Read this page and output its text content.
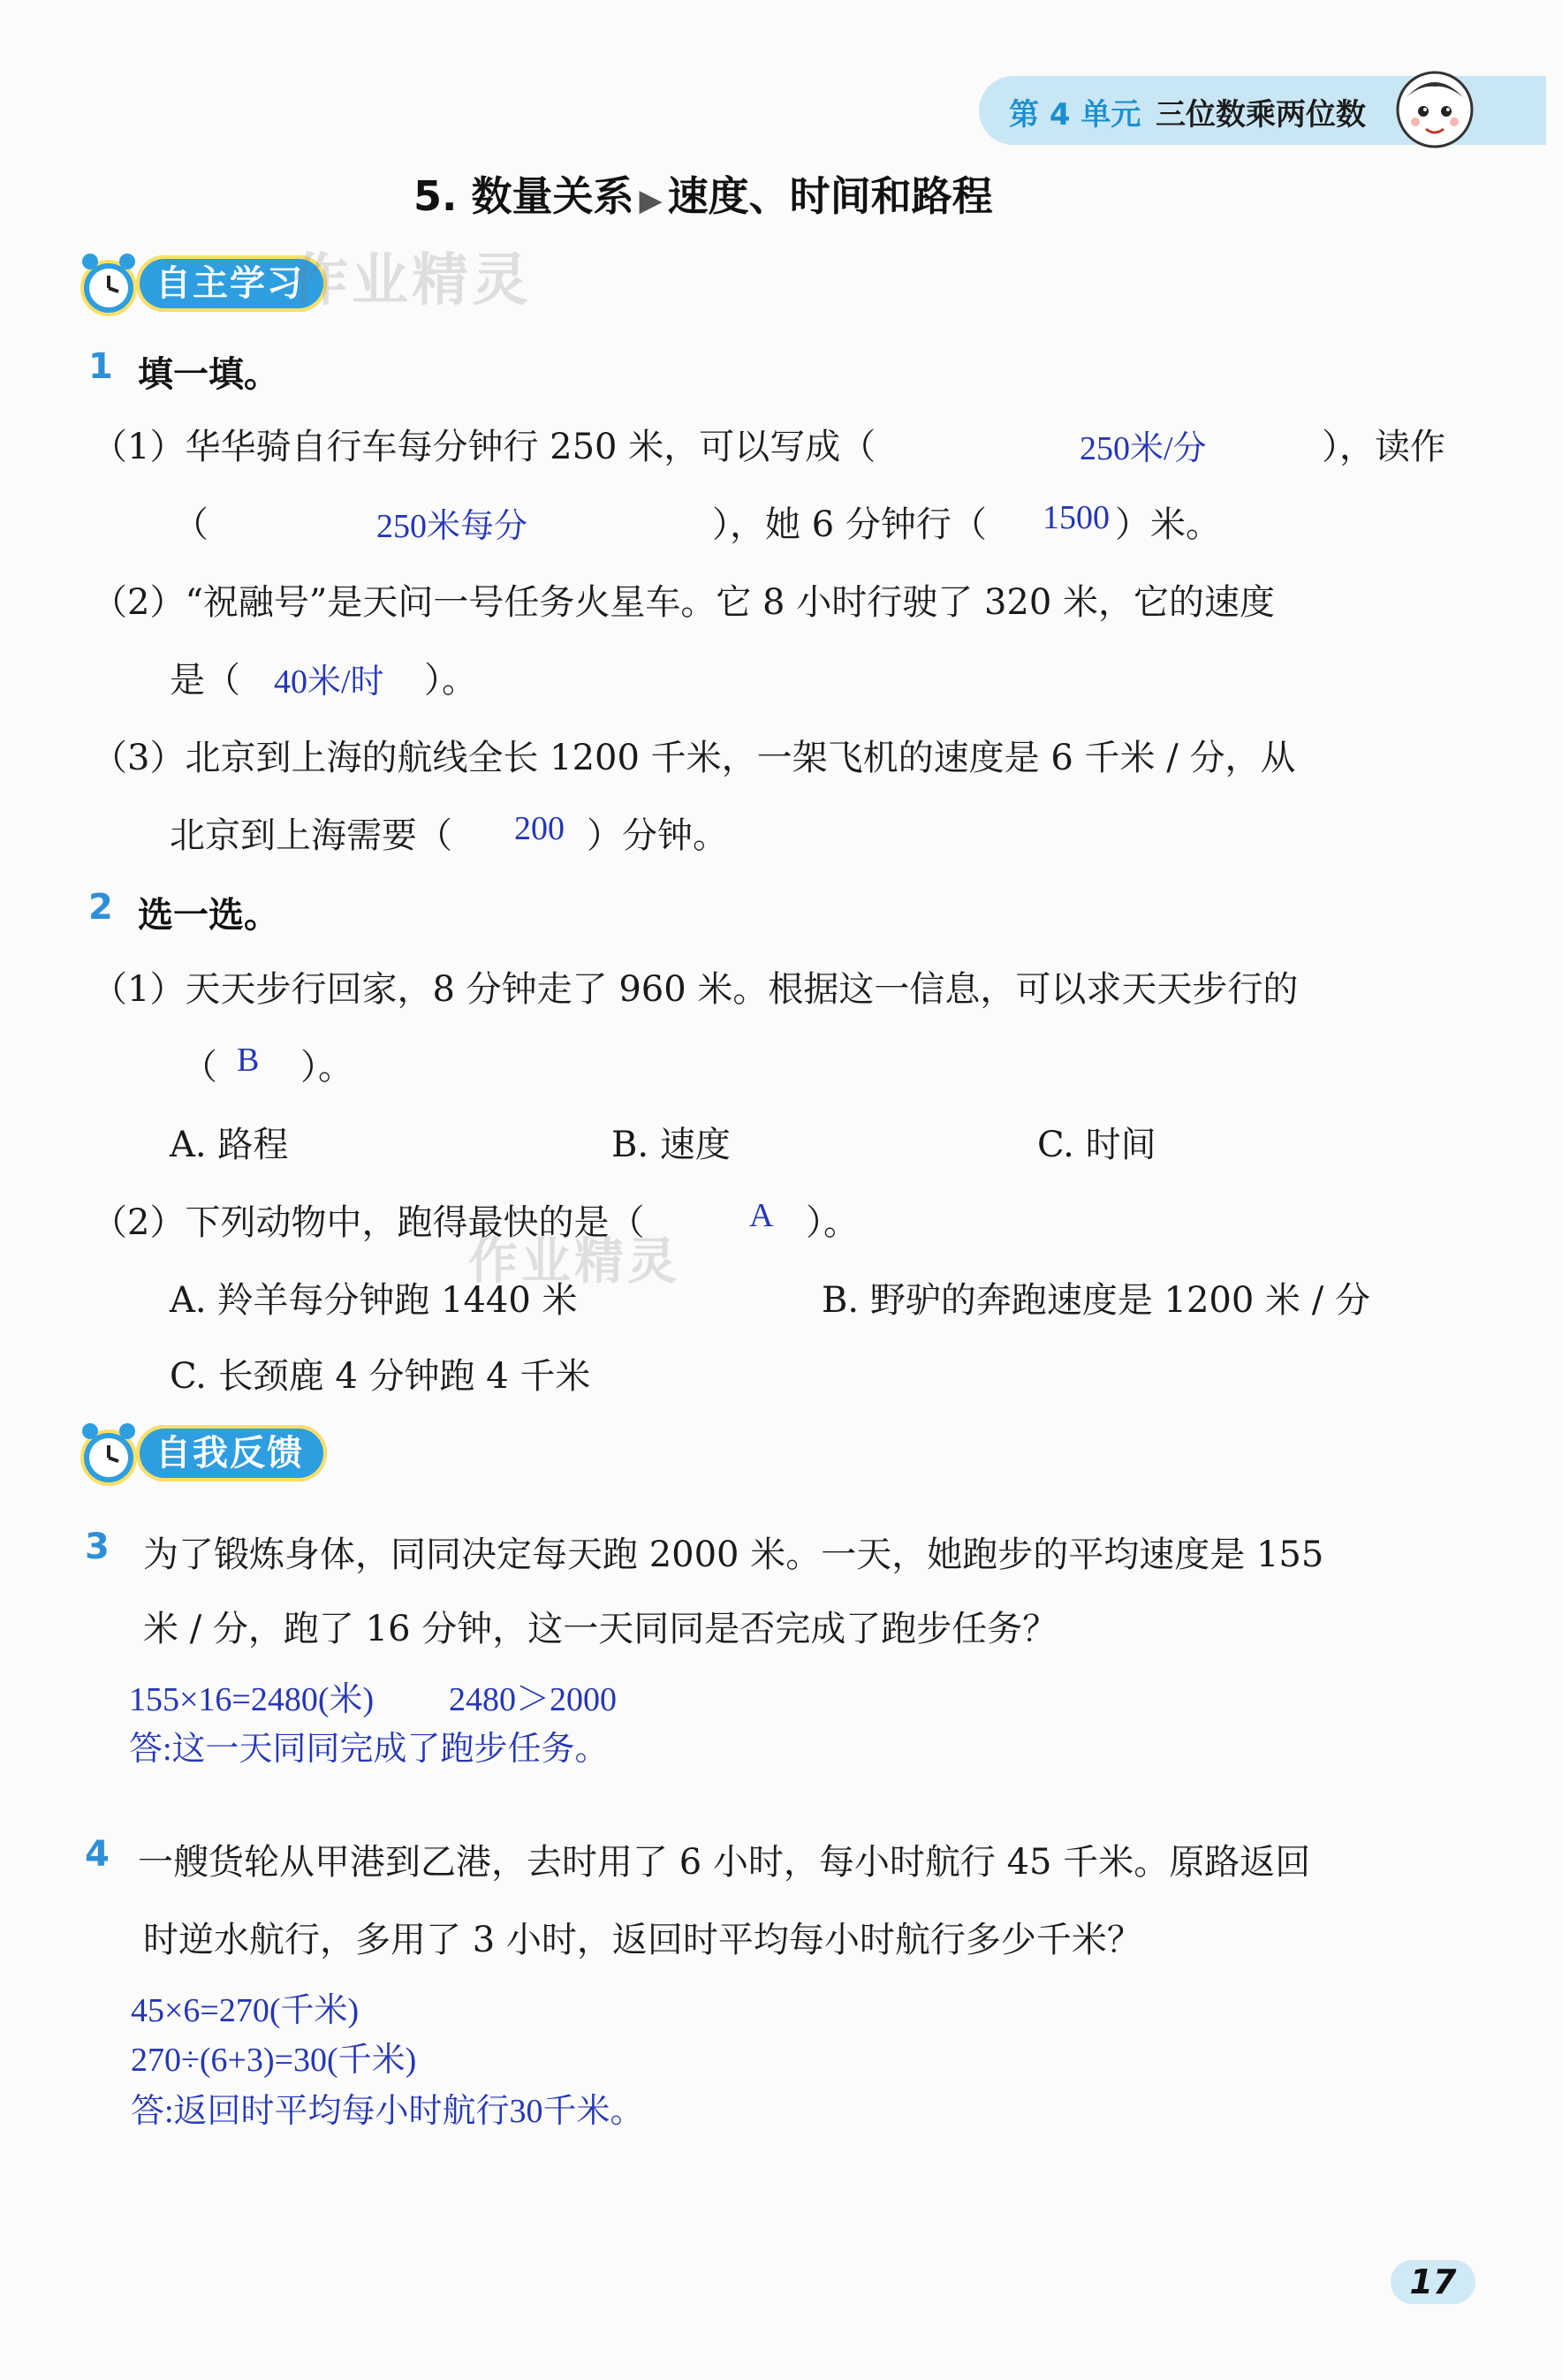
第 4 单元 三位数乘两位数
5. 数量关系 ▶ 速度、时间和路程
自主学习
作业精灵
1 填一填。
（1）华华骑自行车每分钟行 250 米，可以写成（	250米/分	），读作
（	250米每分	），她 6 分钟行（ 1500 ）米。
（2）“祝融号”是天问一号任务火星车。它 8 小时行驶了 320 米，它的速度
是（ 40米/时 ）。
（3）北京到上海的航线全长 1200 千米，一架飞机的速度是 6 千米 / 分，从
北京到上海需要（ 200 ）分钟。
2 选一选。
（1）天天步行回家，8 分钟走了 960 米。根据这一信息，可以求天天步行的
（ B ）。
A. 路程	B. 速度	C. 时间
（2）下列动物中，跑得最快的是（	A ）。
作业精灵
A. 羚羊每分钟跑 1440 米	B. 野驴的奔跑速度是 1200 米 / 分
C. 长颈鹿 4 分钟跑 4 千米
自我反馈
3 为了锻炼身体，同同决定每天跑 2000 米。一天，她跑步的平均速度是 155
米 / 分，跑了 16 分钟，这一天同同是否完成了跑步任务？
155×16=2480(米) 2480＞2000
答:这一天同同完成了跑步任务。
4 一艘货轮从甲港到乙港，去时用了 6 小时，每小时航行 45 千米。原路返回
时逆水航行，多用了 3 小时，返回时平均每小时航行多少千米？
45×6=270(千米)
270÷(6+3)=30(千米)
答:返回时平均每小时航行30千米。
17
